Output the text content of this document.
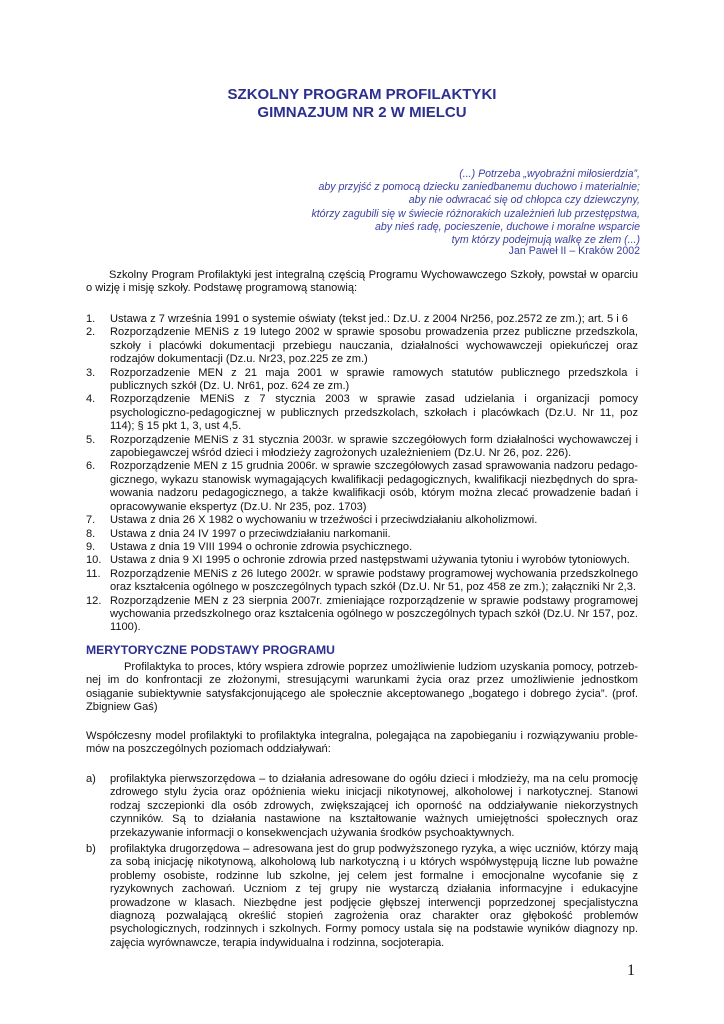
SZKOLNY PROGRAM PROFILAKTYKI
GIMNAZJUM NR 2 W MIELCU
(...) Potrzeba „wyobraźni miłosierdzia”,
aby przyjść z pomocą dziecku zaniedbanemu duchowo i materialnie;
aby nie odwracać się od chłopca czy dziewczyny,
którzy zagubili się w świecie różnorakich uzależnień lub przestępstwa,
aby nieś radę, pocieszenie, duchowe i moralne wsparcie
tym którzy podejmują walkę ze złem (...)
Jan Paweł II – Kraków 2002
Szkolny Program Profilaktyki jest integralną częścią Programu Wychowawczego Szkoły, powstał w oparciu o wizję i misję szkoły. Podstawę programową stanowią:
1. Ustawa z 7 września 1991 o systemie oświaty (tekst jed.: Dz.U. z 2004 Nr256, poz.2572 ze zm.); art. 5 i 6
2. Rozporządzenie MENiS z 19 lutego 2002 w sprawie sposobu prowadzenia przez publiczne przedszkola, szkoły i placówki dokumentacji przebiegu nauczania, działalności wychowawczeji opiekuńczej oraz rodzajów dokumentacji (Dz.u. Nr23, poz.225 ze zm.)
3. Rozporzadzenie MEN z 21 maja 2001 w sprawie ramowych statutów publicznego przedszkola i publicznych szkół (Dz. U. Nr61, poz. 624 ze zm.)
4. Rozporządzenie MENiS z 7 stycznia 2003 w sprawie zasad udzielania i organizacji pomocy psychologiczno-pedagogicznej w publicznych przedszkolach, szkołach i placówkach (Dz.U. Nr 11, poz 114); § 15 pkt 1, 3, ust 4,5.
5. Rozporządzenie MENiS z 31 stycznia 2003r. w sprawie szczegółowych form działalności wychowawczej i zapobiegawczej wśród dzieci i młodzieży zagrożonych uzależnieniem (Dz.U. Nr 26, poz. 226).
6. Rozporządzenie MEN z 15 grudnia 2006r. w sprawie szczegółowych zasad sprawowania nadzoru pedago-gicznego, wykazu stanowisk wymagających kwalifikacji pedagogicznych, kwalifikacji niezbędnych do spra-wowania nadzoru pedagogicznego, a także kwalifikacji osób, którym można zlecać prowadzenie badań i opracowywanie ekspertyz (Dz.U. Nr 235, poz. 1703)
7. Ustawa z dnia 26 X 1982 o wychowaniu w trzeźwości i przeciwdziałaniu alkoholizmowi.
8. Ustawa z dnia 24 IV 1997 o przeciwdziałaniu narkomanii.
9. Ustawa z dnia 19 VIII 1994 o ochronie zdrowia psychicznego.
10. Ustawa z dnia 9 XI 1995 o ochronie zdrowia przed następstwami używania tytoniu i wyrobów tytoniowych.
11. Rozporządzenie MENiS z 26 lutego 2002r. w sprawie podstawy programowej wychowania przedszkolnego oraz kształcenia ogólnego w poszczególnych typach szkół (Dz.U. Nr 51, poz 458 ze zm.); załączniki Nr 2,3.
12. Rozporządzenie MEN z 23 sierpnia 2007r. zmieniające rozporządzenie w sprawie podstawy programowej wychowania przedszkolnego oraz kształcenia ogólnego w poszczególnych typach szkół (Dz.U. Nr 157, poz. 1100).
MERYTORYCZNE PODSTAWY PROGRAMU
Profilaktyka to proces, który wspiera zdrowie poprzez umożliwienie ludziom uzyskania pomocy, potrzeb-nej im do konfrontacji ze złożonymi, stresującymi warunkami życia oraz przez umożliwienie jednostkom osiąganie subiektywnie satysfakcjonującego ale społecznie akceptowanego „bogatego i dobrego życia”. (prof. Zbigniew Gaś)
Współczesny model profilaktyki to profilaktyka integralna, polegająca na zapobieganiu i rozwiązywaniu proble-mów na poszczególnych poziomach oddziaływań:
a) profilaktyka pierwszorzędowa – to działania adresowane do ogółu dzieci i młodzieży, ma na celu promocję zdrowego stylu życia oraz opóźnienia wieku inicjacji nikotynowej, alkoholowej i narkotycznej. Stanowi rodzaj szczepionki dla osób zdrowych, zwiększającej ich oporność na oddziaływanie niekorzystnych czynników. Są to działania nastawione na kształtowanie ważnych umiejętności społecznych oraz przekazywanie informacji o konsekwencjach używania środków psychoaktywnych.
b) profilaktyka drugorzędowa – adresowana jest do grup podwyższonego ryzyka, a więc uczniów, którzy mają za sobą inicjację nikotynową, alkoholową lub narkotyczną i u których współwystępują liczne lub poważne problemy osobiste, rodzinne lub szkolne, jej celem jest formalne i emocjonalne wycofanie się z ryzykownych zachowań. Uczniom z tej grupy nie wystarczą działania informacyjne i edukacyjne prowadzone w klasach. Niezbędne jest podjęcie głębszej interwencji poprzedzonej specjalistyczna diagnozą pozwalającą określić stopień zagrożenia oraz charakter oraz głębokość problemów psychologicznych, rodzinnych i szkolnych. Formy pomocy ustala się na podstawie wyników diagnozy np. zajęcia wyrównawcze, terapia indywidualna i rodzinna, socjoterapia.
1
